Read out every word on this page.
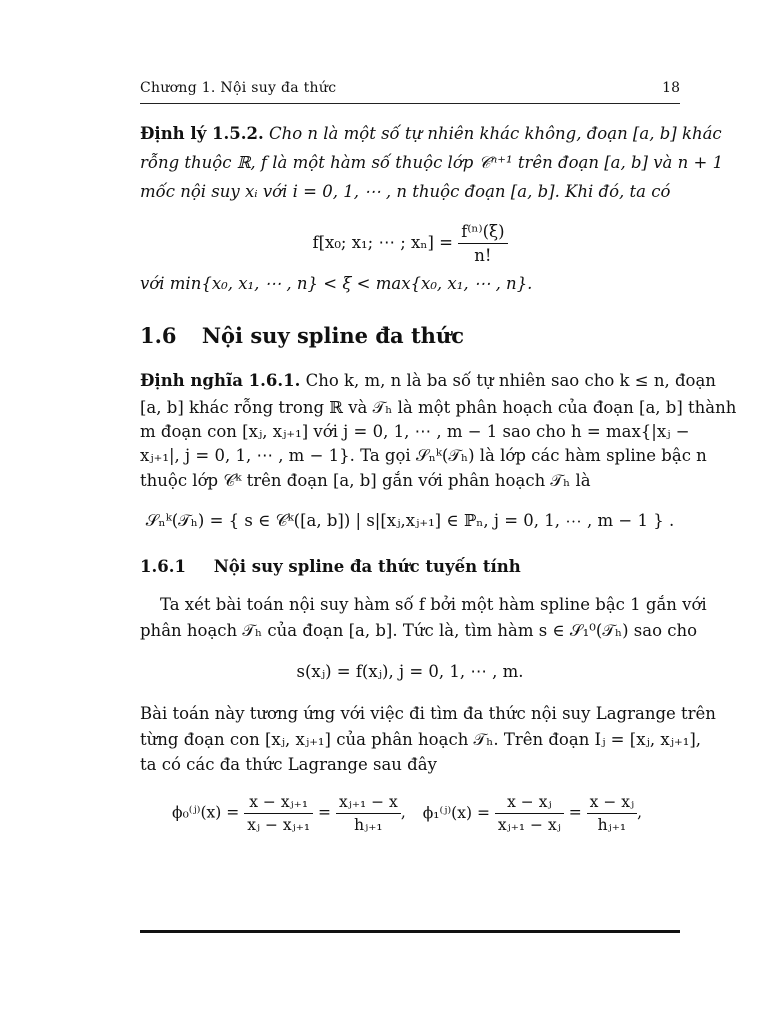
Chương 1. Nội suy đa thức	18
Định lý 1.5.2. Cho n là một số tự nhiên khác không, đoạn [a, b] khác
rỗng thuộc ℝ, f là một hàm số thuộc lớp 𝒞ⁿ⁺¹ trên đoạn [a, b] và n + 1
mốc nội suy xᵢ với i = 0, 1, ⋯ , n thuộc đoạn [a, b]. Khi đó, ta có
f[x₀; x₁; ⋯ ; $x_n] = \frac{\text{f⁽ⁿ⁾(ξ)}}{n!}$
với min{x₀, x₁, ⋯ , n} < ξ < max{x₀, x₁, ⋯ , n}.
1.6 Nội suy spline đa thức
Định nghĩa 1.6.1. Cho k, m, n là ba số tự nhiên sao cho k ≤ n, đoạn
[a, b] khác rỗng trong ℝ và 𝒯ₕ là một phân hoạch của đoạn [a, b] thành
m đoạn con [xⱼ, xⱼ₊₁] với j = 0, 1, ⋯ , m − 1 sao cho h = max{|xⱼ −
xⱼ₊₁|, j = 0, 1, ⋯ , m − 1}. Ta gọi 𝒮ₙᵏ(𝒯ₕ) là lớp các hàm spline bậc n
thuộc lớp 𝒞ᵏ trên đoạn [a, b] gắn với phân hoạch 𝒯ₕ là
𝒮ₙᵏ(𝒯ₕ) = { s ∈ 𝒞ᵏ([a, b]) | s|[xⱼ,xⱼ₊₁] ∈ ℙₙ, j = 0, 1, ⋯ , m − 1 } .
1.6.1 Nội suy spline đa thức tuyến tính
Ta xét bài toán nội suy hàm số f bởi một hàm spline bậc 1 gắn với
phân hoạch 𝒯ₕ của đoạn [a, b]. Tức là, tìm hàm s ∈ 𝒮₁⁰(𝒯ₕ) sao cho
s(xⱼ) = f(xⱼ), j = 0, 1, ⋯ , m.
Bài toán này tương ứng với việc đi tìm đa thức nội suy Lagrange trên
từng đoạn con [xⱼ, xⱼ₊₁] của phân hoạch 𝒯ₕ. Trên đoạn Iⱼ = [xⱼ, xⱼ₊₁],
ta có các đa thức Lagrange sau đây
ϕ₀⁽ʲ⁾(x) = $\frac{\text{x − xⱼ₊₁}}{\text{xⱼ − xⱼ₊₁}} = \frac{\text{xⱼ₊₁ − x}}{\text{hⱼ₊₁}}$ , ϕ₁⁽ʲ⁾(x) = $\frac{\text{x − xⱼ}}{\text{xⱼ₊₁ − xⱼ}} = \frac{\text{x − xⱼ}}{\text{hⱼ₊₁}}$ ,
